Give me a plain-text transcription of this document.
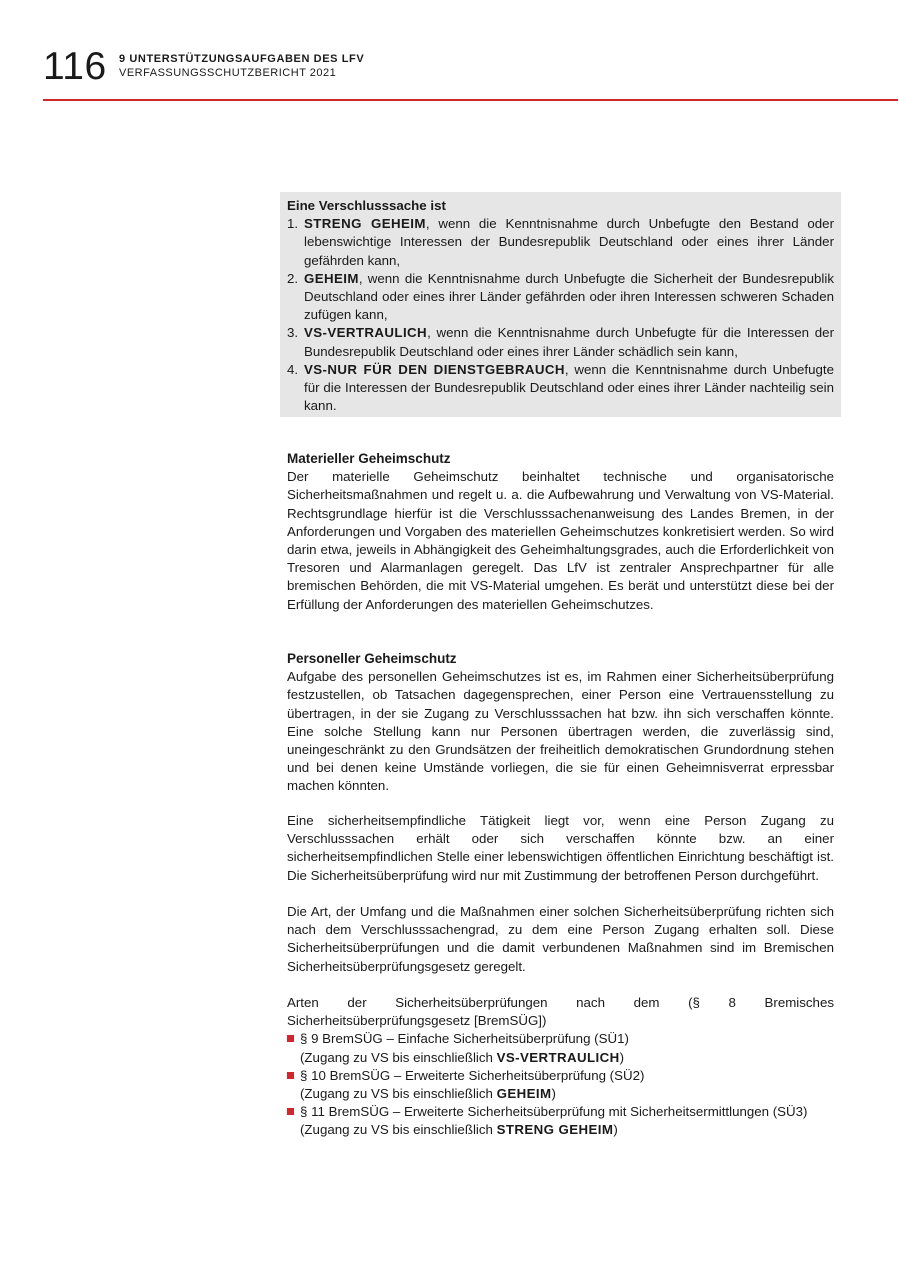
116 9 UNTERSTÜTZUNGSAUFGABEN DES LFV
VERFASSUNGSSCHUTZBERICHT 2021

Eine Verschlusssache ist

1. STRENG GEHEIM, wenn die Kenntnisnahme durch Unbefugte den Bestand oder lebenswichtige Interessen der Bundesrepublik Deutschland oder eines ihrer Länder gefährden kann,
2. GEHEIM, wenn die Kenntnisnahme durch Unbefugte die Sicherheit der Bundesrepublik Deutschland oder eines ihrer Länder gefährden oder ihren Interessen schweren Schaden zufügen kann,
3. VS-VERTRAULICH, wenn die Kenntnisnahme durch Unbefugte für die Interessen der Bundesrepublik Deutschland oder eines ihrer Länder schädlich sein kann,
4. VS-NUR FÜR DEN DIENSTGEBRAUCH, wenn die Kenntnisnahme durch Unbefugte für die Interessen der Bundesrepublik Deutschland oder eines ihrer Länder nachteilig sein kann.
Materieller Geheimschutz

Der materielle Geheimschutz beinhaltet technische und organisatorische Sicherheitsmaßnahmen und regelt u. a. die Aufbewahrung und Verwaltung von VS-Material. Rechtsgrundlage hierfür ist die Verschlusssachenanweisung des Landes Bremen, in der Anforderungen und Vorgaben des materiellen Geheimschutzes konkretisiert werden. So wird darin etwa, jeweils in Abhängigkeit des Geheimhaltungsgrades, auch die Erforderlichkeit von Tresoren und Alarmanlagen geregelt. Das LfV ist zentraler Ansprechpartner für alle bremischen Behörden, die mit VS-Material umgehen. Es berät und unterstützt diese bei der Erfüllung der Anforderungen des materiellen Geheimschutzes.

Personeller Geheimschutz

Aufgabe des personellen Geheimschutzes ist es, im Rahmen einer Sicherheitsüberprüfung festzustellen, ob Tatsachen dagegensprechen, einer Person eine Vertrauensstellung zu übertragen, in der sie Zugang zu Verschlusssachen hat bzw. ihn sich verschaffen könnte. Eine solche Stellung kann nur Personen übertragen werden, die zuverlässig sind, uneingeschränkt zu den Grundsätzen der freiheitlich demokratischen Grundordnung stehen und bei denen keine Umstände vorliegen, die sie für einen Geheimnisverrat erpressbar machen könnten.

Eine sicherheitsempfindliche Tätigkeit liegt vor, wenn eine Person Zugang zu Verschlusssachen erhält oder sich verschaffen könnte bzw. an einer sicherheitsempfindlichen Stelle einer lebenswichtigen öffentlichen Einrichtung beschäftigt ist. Die Sicherheitsüberprüfung wird nur mit Zustimmung der betroffenen Person durchgeführt.

Die Art, der Umfang und die Maßnahmen einer solchen Sicherheitsüberprüfung richten sich nach dem Verschlusssachengrad, zu dem eine Person Zugang erhalten soll. Diese Sicherheitsüberprüfungen und die damit verbundenen Maßnahmen sind im Bremischen Sicherheitsüberprüfungsgesetz geregelt.

Arten der Sicherheitsüberprüfungen nach dem (§ 8 Bremisches Sicherheitsüberprüfungsgesetz [BremSÜG])

§ 9 BremSÜG – Einfache Sicherheitsüberprüfung (SÜ1)
(Zugang zu VS bis einschließlich VS-VERTRAULICH)
§ 10 BremSÜG – Erweiterte Sicherheitsüberprüfung (SÜ2)
(Zugang zu VS bis einschließlich GEHEIM)
§ 11 BremSÜG – Erweiterte Sicherheitsüberprüfung mit Sicherheitsermittlungen (SÜ3)
(Zugang zu VS bis einschließlich STRENG GEHEIM)
